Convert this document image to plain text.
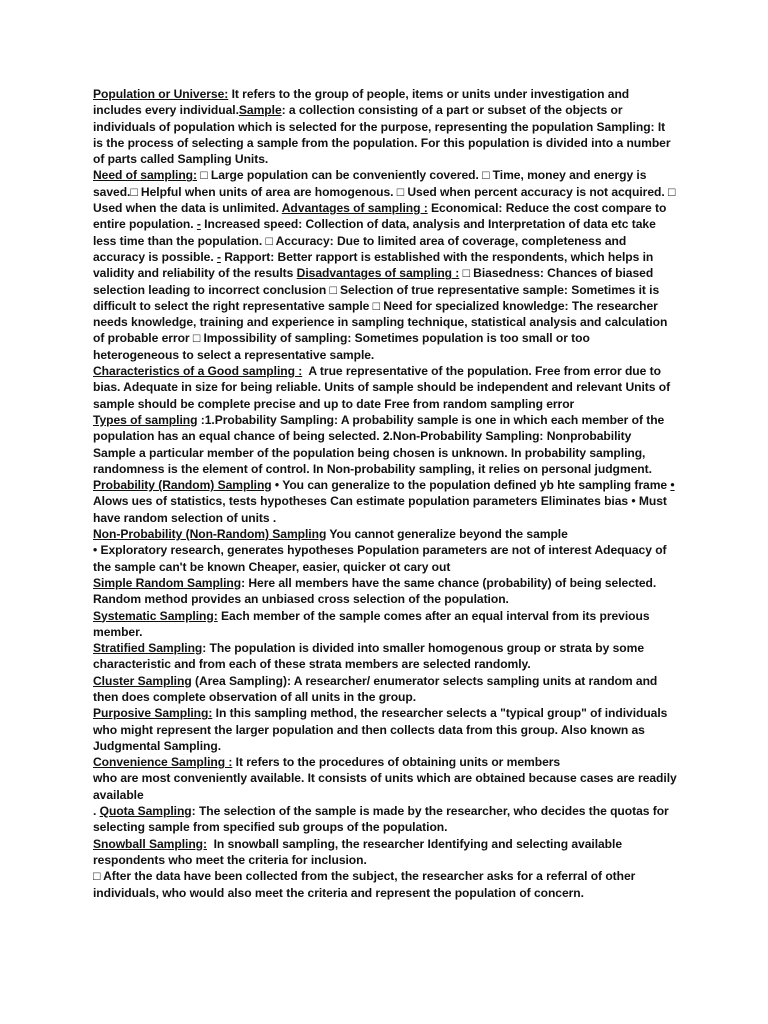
Population or Universe: It refers to the group of people, items or units under investigation and includes every individual.Sample: a collection consisting of a part or subset of the objects or individuals of population which is selected for the purpose, representing the population Sampling: It is the process of selecting a sample from the population. For this population is divided into a number of parts called Sampling Units.
Need of sampling: □ Large population can be conveniently covered. □ Time, money and energy is saved.□ Helpful when units of area are homogenous. □ Used when percent accuracy is not acquired. □ Used when the data is unlimited. Advantages of sampling : Economical: Reduce the cost compare to entire population. - Increased speed: Collection of data, analysis and Interpretation of data etc take less time than the population. □ Accuracy: Due to limited area of coverage, completeness and accuracy is possible. - Rapport: Better rapport is established with the respondents, which helps in validity and reliability of the results Disadvantages of sampling : □ Biasedness: Chances of biased selection leading to incorrect conclusion □ Selection of true representative sample: Sometimes it is difficult to select the right representative sample □ Need for specialized knowledge: The researcher needs knowledge, training and experience in sampling technique, statistical analysis and calculation of probable error □ Impossibility of sampling: Sometimes population is too small or too heterogeneous to select a representative sample.
Characteristics of a Good sampling :  A true representative of the population. Free from error due to bias. Adequate in size for being reliable. Units of sample should be independent and relevant Units of sample should be complete precise and up to date Free from random sampling error
Types of sampling :1.Probability Sampling: A probability sample is one in which each member of the population has an equal chance of being selected. 2.Non-Probability Sampling: Nonprobability Sample a particular member of the population being chosen is unknown. In probability sampling, randomness is the element of control. In Non-probability sampling, it relies on personal judgment.
Probability (Random) Sampling • You can generalize to the population defined yb hte sampling frame • Alows ues of statistics, tests hypotheses Can estimate population parameters Eliminates bias • Must have random selection of units .
Non-Probability (Non-Random) Sampling You cannot generalize beyond the sample
• Exploratory research, generates hypotheses Population parameters are not of interest Adequacy of the sample can't be known Cheaper, easier, quicker ot cary out
Simple Random Sampling: Here all members have the same chance (probability) of being selected. Random method provides an unbiased cross selection of the population.
Systematic Sampling: Each member of the sample comes after an equal interval from its previous member.
Stratified Sampling: The population is divided into smaller homogenous group or strata by some characteristic and from each of these strata members are selected randomly.
Cluster Sampling (Area Sampling): A researcher/ enumerator selects sampling units at random and then does complete observation of all units in the group.
Purposive Sampling: In this sampling method, the researcher selects a "typical group" of individuals who might represent the larger population and then collects data from this group. Also known as Judgmental Sampling.
Convenience Sampling : It refers to the procedures of obtaining units or members
who are most conveniently available. It consists of units which are obtained because cases are readily available
. Quota Sampling: The selection of the sample is made by the researcher, who decides the quotas for selecting sample from specified sub groups of the population.
Snowball Sampling:  In snowball sampling, the researcher Identifying and selecting available respondents who meet the criteria for inclusion.
□ After the data have been collected from the subject, the researcher asks for a referral of other individuals, who would also meet the criteria and represent the population of concern.
